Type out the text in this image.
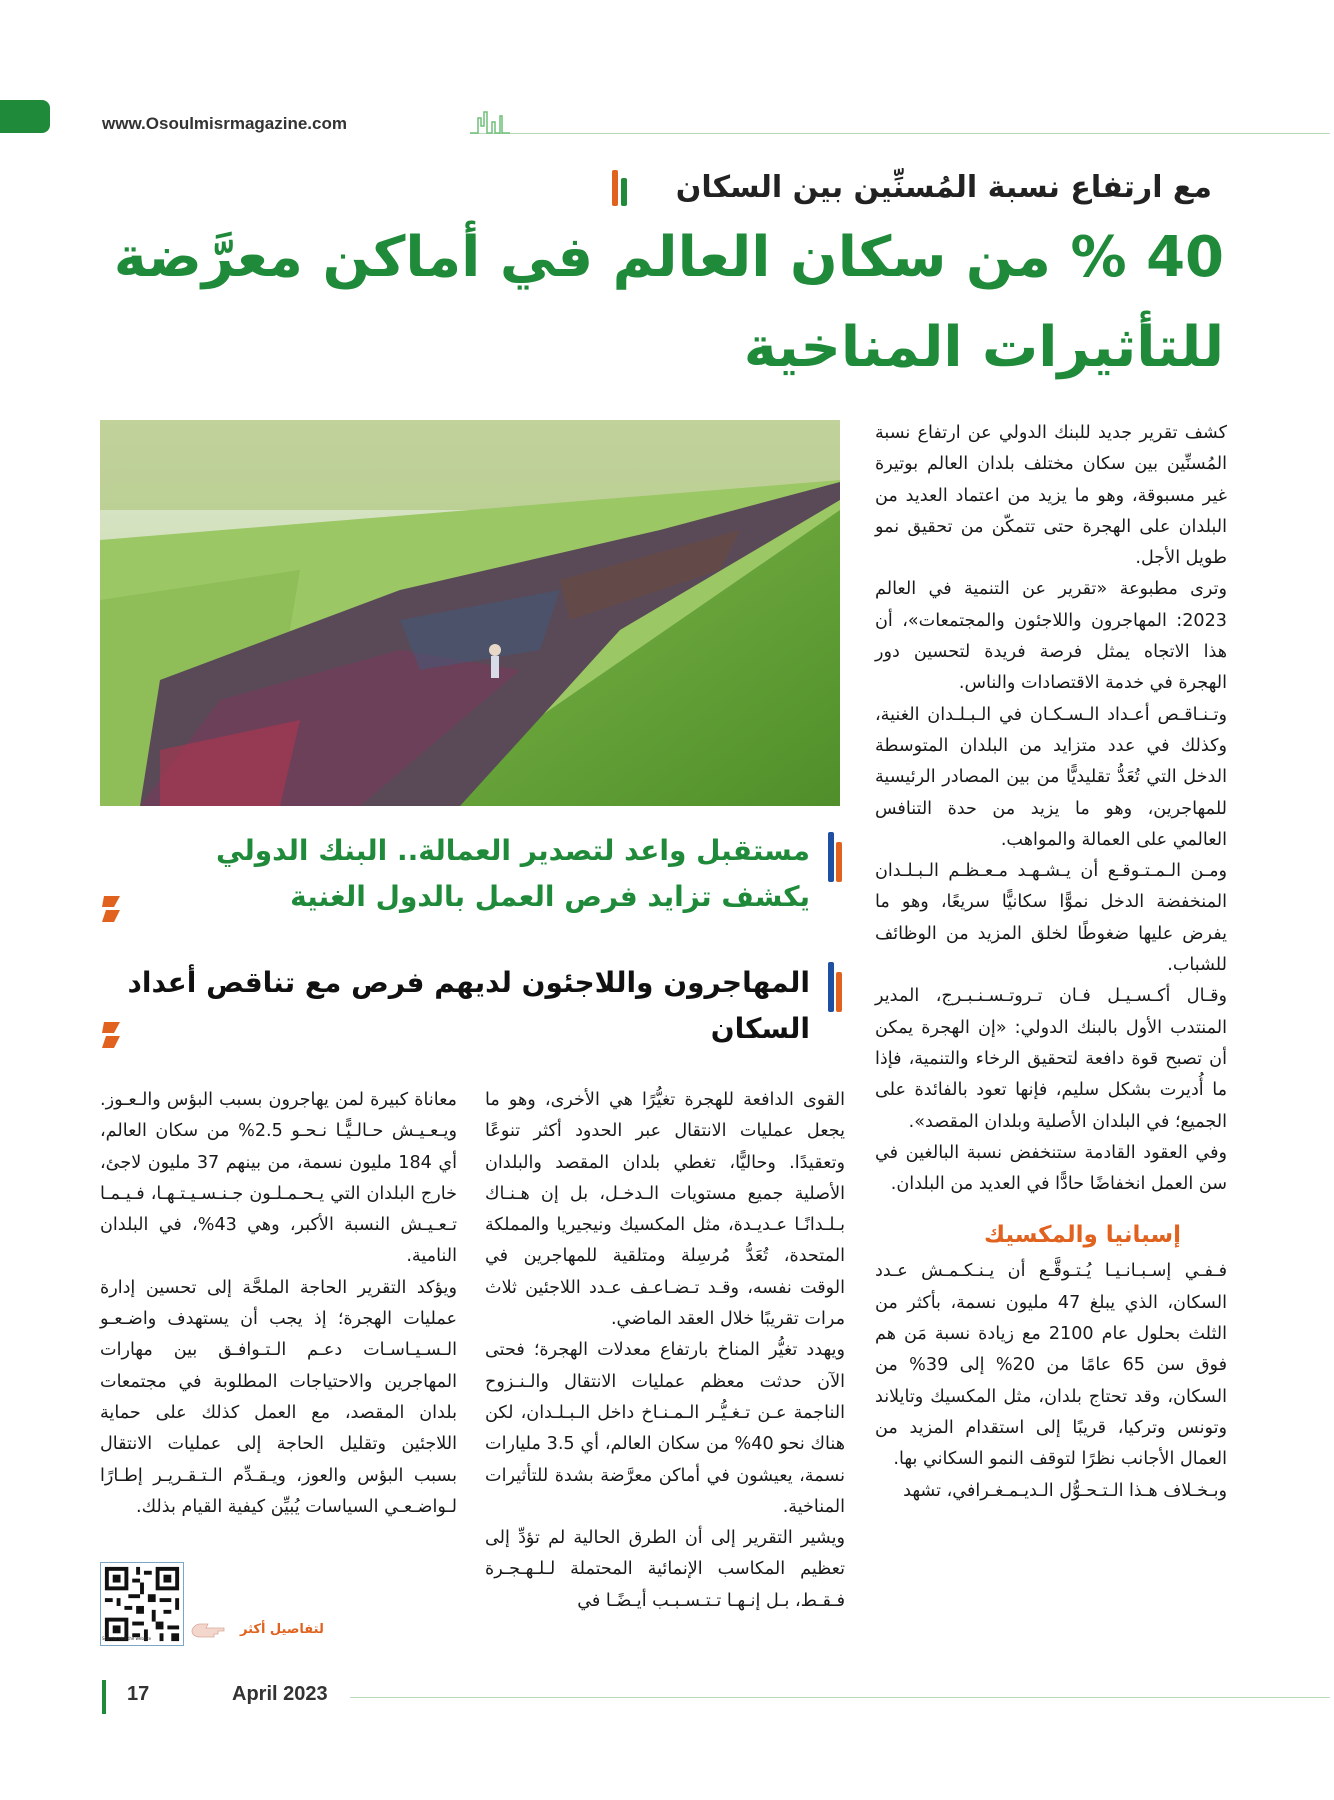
www.Osoulmisrmagazine.com
مع ارتفاع نسبة المُسنِّين بين السكان
40 % من سكان العالم في أماكن معرَّضة
للتأثيرات المناخية

كشف تقرير جديد للبنك الدولي عن ارتفاع نسبة المُسنِّين بين سكان مختلف بلدان العالم بوتيرة غير مسبوقة، وهو ما يزيد من اعتماد العديد من البلدان على الهجرة حتى تتمكّن من تحقيق نمو طويل الأجل.

وترى مطبوعة «تقرير عن التنمية في العالم 2023: المهاجرون واللاجئون والمجتمعات»، أن هذا الاتجاه يمثل فرصة فريدة لتحسين دور الهجرة في خدمة الاقتصادات والناس.

وتـنـاقـص أعـداد الـسـكـان في الـبـلـدان الغنية، وكذلك في عدد متزايد من البلدان المتوسطة الدخل التي تُعَدُّ تقليديًّا من بين المصادر الرئيسية للمهاجرين، وهو ما يزيد من حدة التنافس العالمي على العمالة والمواهب.

ومـن الـمـتـوقـع أن يـشـهـد مـعـظـم الـبـلـدان المنخفضة الدخل نموًّا سكانيًّا سريعًا، وهو ما يفرض عليها ضغوطًا لخلق المزيد من الوظائف للشباب.

وقـال أكـسـيـل فـان تـروتـسـنـبـرج، المدير المنتدب الأول بالبنك الدولي: «إن الهجرة يمكن أن تصبح قوة دافعة لتحقيق الرخاء والتنمية، فإذا ما أُديرت بشكل سليم، فإنها تعود بالفائدة على الجميع؛ في البلدان الأصلية وبلدان المقصد».

وفي العقود القادمة ستنخفض نسبة البالغين في سن العمل انخفاضًا حادًّا في العديد من البلدان.

إسبانيا والمكسيك

فـفـي إسـبـانـيـا يُـتـوقَّـع أن يـنـكـمـش عـدد السكان، الذي يبلغ 47 مليون نسمة، بأكثر من الثلث بحلول عام 2100 مع زيادة نسبة مَن هم فوق سن 65 عامًا من 20% إلى 39% من السكان، وقد تحتاج بلدان، مثل المكسيك وتايلاند وتونس وتركيا، قريبًا إلى استقدام المزيد من العمال الأجانب نظرًا لتوقف النمو السكاني بها.

وبـخـلاف هـذا الـتـحـوُّل الـديـمـغـرافي، تشهد

مستقبل واعد لتصدير العمالة.. البنك الدولي يكشف تزايد فرص العمل بالدول الغنية
المهاجرون واللاجئون لديهم فرص مع تناقص أعداد السكان

القوى الدافعة للهجرة تغيُّرًا هي الأخرى، وهو ما يجعل عمليات الانتقال عبر الحدود أكثر تنوعًا وتعقيدًا. وحاليًّا، تغطي بلدان المقصد والبلدان الأصلية جميع مستويات الـدخـل، بل إن هـنـاك بـلـدانًـا عـديـدة، مثل المكسيك ونيجيريا والمملكة المتحدة، تُعَدُّ مُرسِلة ومتلقية للمهاجرين في الوقت نفسه، وقـد تـضـاعـف عـدد اللاجئين ثلاث مرات تقريبًا خلال العقد الماضي.

ويهدد تغيُّر المناخ بارتفاع معدلات الهجرة؛ فحتى الآن حدثت معظم عمليات الانتقال والـنـزوح الناجمة عـن تـغـيُّـر الـمـنـاخ داخل الـبـلـدان، لكن هناك نحو 40% من سكان العالم، أي 3.5 مليارات نسمة، يعيشون في أماكن معرَّضة بشدة للتأثيرات المناخية.

ويشير التقرير إلى أن الطرق الحالية لم تؤدِّ إلى تعظيم المكاسب الإنمائية المحتملة لـلـهـجـرة فـقـط، بـل إنـهـا تـتـسـبـب أيـضًـا في

معاناة كبيرة لمن يهاجرون بسبب البؤس والـعـوز. ويـعـيـش حـالـيًّـا نـحـو 2.5% من سكان العالم، أي 184 مليون نسمة، من بينهم 37 مليون لاجئ، خارج البلدان التي يـحـمـلـون جـنـسـيـتـهـا، فـيـمـا تـعـيـش النسبة الأكبر، وهي 43%، في البلدان النامية.

ويؤكد التقرير الحاجة الملحَّة إلى تحسين إدارة عمليات الهجرة؛ إذ يجب أن يستهدف واضـعـو الـسـيـاسـات دعـم الـتـوافـق بين مهارات المهاجرين والاحتياجات المطلوبة في مجتمعات بلدان المقصد، مع العمل كذلك على حماية اللاجئين وتقليل الحاجة إلى عمليات الانتقال بسبب البؤس والعوز، ويـقـدِّم الـتـقـريـر إطـارًا لـواضـعـي السياسات يُبيِّن كيفية القيام بذلك.

Scan to visit the website
لتفاصيل أكثر
17	April 2023
